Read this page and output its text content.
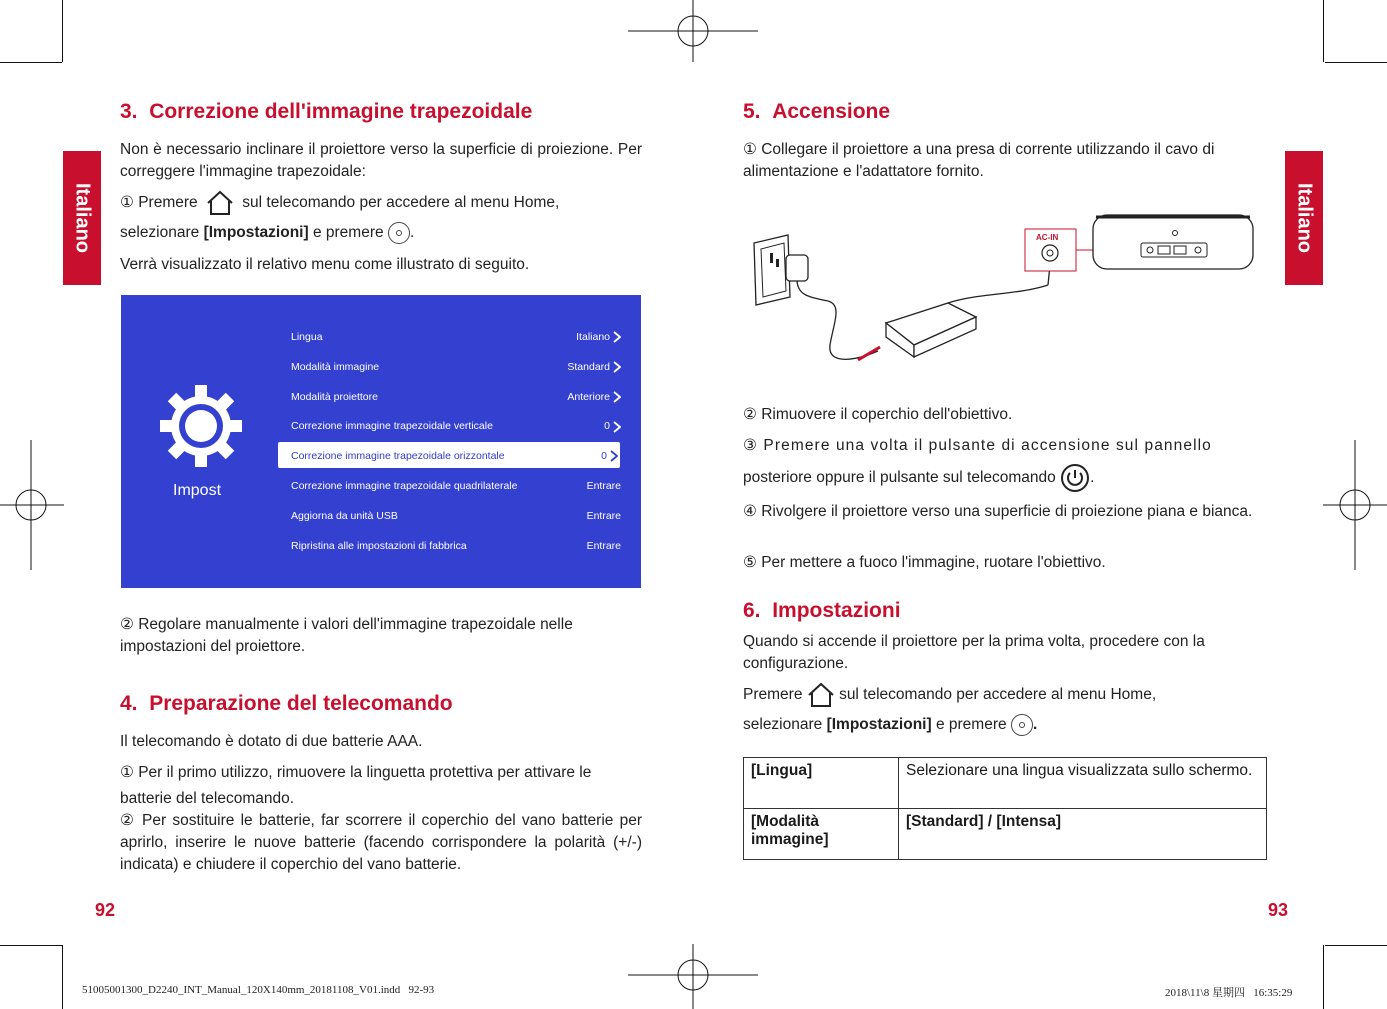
Italiano	Italiano
3. Correzione dell'immagine trapezoidale
Non è necessario inclinare il proiettore verso la superficie di proiezione. Per correggere l'immagine trapezoidale:
① Premere	sul telecomando per accedere al menu Home,
selezionare [Impostazioni] e premere .
Verrà visualizzato il relativo menu come illustrato di seguito.
Impost
Lingua	Italiano
Modalità immagine	Standard
Modalità proiettore	Anteriore
Correzione immagine trapezoidale verticale	0
Correzione immagine trapezoidale orizzontale	0
Correzione immagine trapezoidale quadrilaterale	Entrare
Aggiorna da unità USB	Entrare
Ripristina alle impostazioni di fabbrica	Entrare
② Regolare manualmente i valori dell'immagine trapezoidale nelle impostazioni del proiettore.
4. Preparazione del telecomando
Il telecomando è dotato di due batterie AAA.
① Per il primo utilizzo, rimuovere la linguetta protettiva per attivare le batterie del telecomando.
② Per sostituire le batterie, far scorrere il coperchio del vano batterie per aprirlo, inserire le nuove batterie (facendo corrispondere la polarità (+/-) indicata) e chiudere il coperchio del vano batterie.
92
5. Accensione
① Collegare il proiettore a una presa di corrente utilizzando il cavo di alimentazione e l'adattatore fornito.
AC-IN
② Rimuovere il coperchio dell'obiettivo.
③ Premere una volta il pulsante di accensione sul pannello
posteriore oppure il pulsante sul telecomando .
④ Rivolgere il proiettore verso una superficie di proiezione piana e bianca.
⑤ Per mettere a fuoco l'immagine, ruotare l'obiettivo.
6. Impostazioni
Quando si accende il proiettore per la prima volta, procedere con la configurazione.
Premere sul telecomando per accedere al menu Home,
selezionare [Impostazioni] e premere .
[Lingua]	Selezionare una lingua visualizzata sullo schermo.
[Modalità immagine]	[Standard] / [Intensa]
93
51005001300_D2240_INT_Manual_120X140mm_20181108_V01.indd   92-93	2018\11\8 星期四   16:35:29
